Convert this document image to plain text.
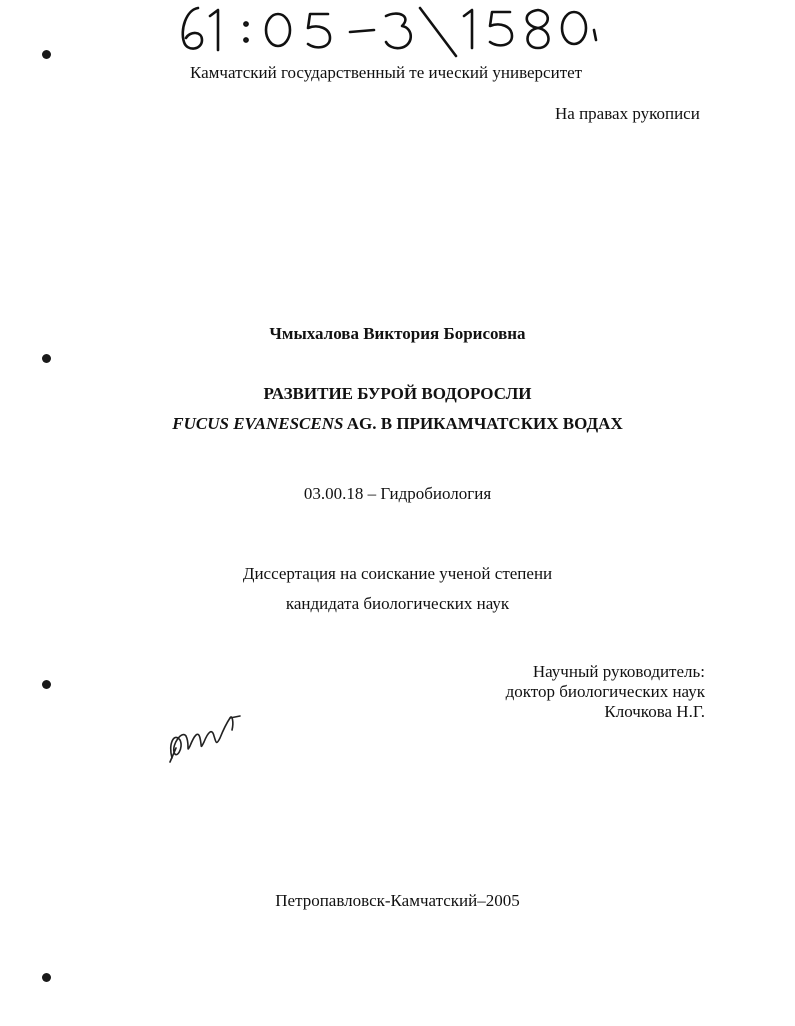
Камчатский государственный те ический университет
На правах рукописи
Чмыхалова Виктория Борисовна
РАЗВИТИЕ БУРОЙ ВОДОРОСЛИ
FUCUS EVANESCENS AG. В ПРИКАМЧАТСКИХ ВОДАХ
03.00.18 – Гидробиология
Диссертация на соискание ученой степени
кандидата биологических наук
Научный руководитель:
доктор биологических наук
Клочкова Н.Г.
Петропавловск-Камчатский–2005
